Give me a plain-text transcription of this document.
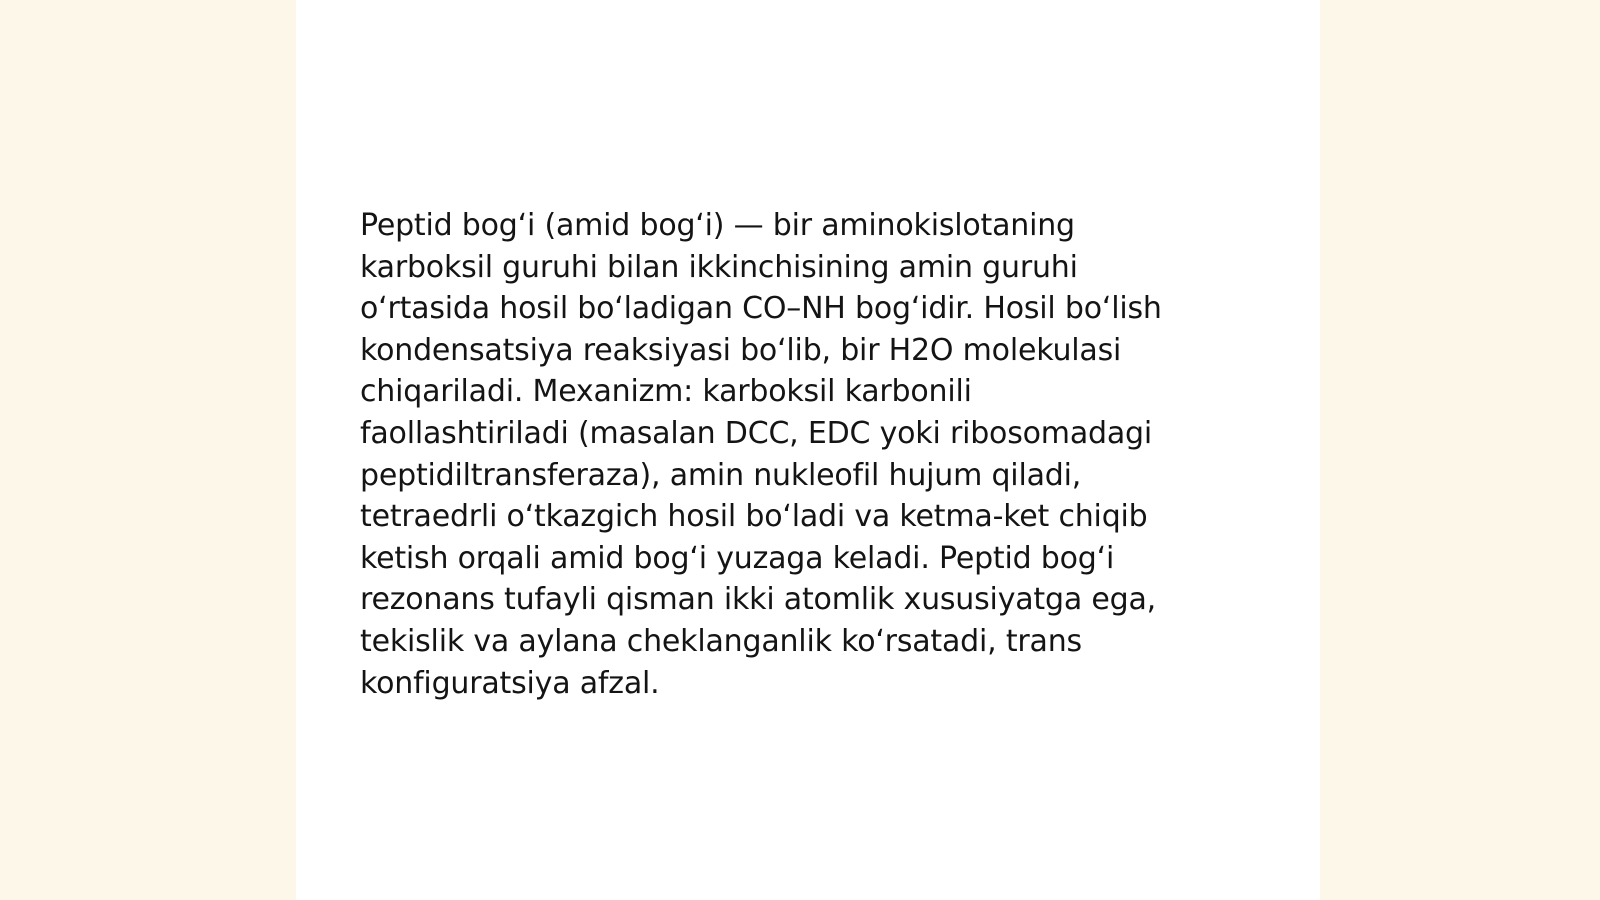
Peptid bog‘i (amid bog‘i) — bir aminokislotaning
karboksil guruhi bilan ikkinchisining amin guruhi
o‘rtasida hosil bo‘ladigan CO–NH bog‘idir. Hosil bo‘lish
kondensatsiya reaksiyasi bo‘lib, bir H2O molekulasi
chiqariladi. Mexanizm: karboksil karbonili
faollashtiriladi (masalan DCC, EDC yoki ribosomadagi
peptidiltransferaza), amin nukleofil hujum qiladi,
tetraedrli o‘tkazgich hosil bo‘ladi va ketma-ket chiqib
ketish orqali amid bog‘i yuzaga keladi. Peptid bog‘i
rezonans tufayli qisman ikki atomlik xususiyatga ega,
tekislik va aylana cheklanganlik ko‘rsatadi, trans
konfiguratsiya afzal.
